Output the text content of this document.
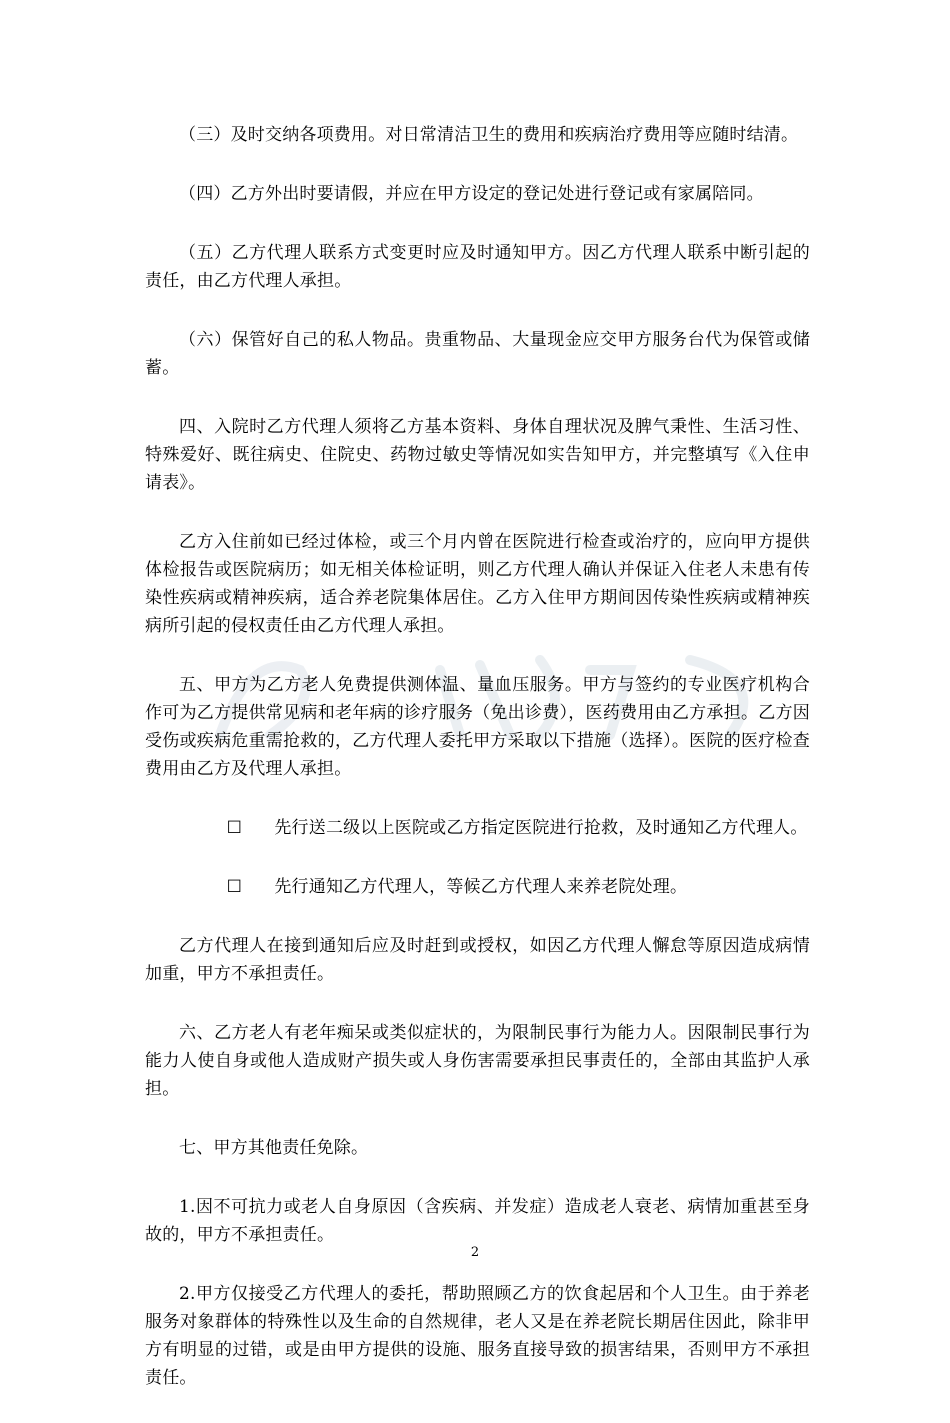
（三）及时交纳各项费用。对日常清洁卫生的费用和疾病治疗费用等应随时结清。

（四）乙方外出时要请假，并应在甲方设定的登记处进行登记或有家属陪同。

（五）乙方代理人联系方式变更时应及时通知甲方。因乙方代理人联系中断引起的责任，由乙方代理人承担。

（六）保管好自己的私人物品。贵重物品、大量现金应交甲方服务台代为保管或储蓄。

四、入院时乙方代理人须将乙方基本资料、身体自理状况及脾气秉性、生活习性、特殊爱好、既往病史、住院史、药物过敏史等情况如实告知甲方，并完整填写《入住申请表》。

乙方入住前如已经过体检，或三个月内曾在医院进行检查或治疗的，应向甲方提供体检报告或医院病历；如无相关体检证明，则乙方代理人确认并保证入住老人未患有传染性疾病或精神疾病，适合养老院集体居住。乙方入住甲方期间因传染性疾病或精神疾病所引起的侵权责任由乙方代理人承担。

五、甲方为乙方老人免费提供测体温、量血压服务。甲方与签约的专业医疗机构合作可为乙方提供常见病和老年病的诊疗服务（免出诊费），医药费用由乙方承担。乙方因受伤或疾病危重需抢救的，乙方代理人委托甲方采取以下措施（选择）。医院的医疗检查费用由乙方及代理人承担。

☐ 先行送二级以上医院或乙方指定医院进行抢救，及时通知乙方代理人。

☐ 先行通知乙方代理人，等候乙方代理人来养老院处理。

乙方代理人在接到通知后应及时赶到或授权，如因乙方代理人懈怠等原因造成病情加重，甲方不承担责任。

六、乙方老人有老年痴呆或类似症状的，为限制民事行为能力人。因限制民事行为能力人使自身或他人造成财产损失或人身伤害需要承担民事责任的，全部由其监护人承担。

七、甲方其他责任免除。

1.因不可抗力或老人自身原因（含疾病、并发症）造成老人衰老、病情加重甚至身故的，甲方不承担责任。

2.甲方仅接受乙方代理人的委托，帮助照顾乙方的饮食起居和个人卫生。由于养老服务对象群体的特殊性以及生命的自然规律，老人又是在养老院长期居住因此，除非甲方有明显的过错，或是由甲方提供的设施、服务直接导致的损害结果，否则甲方不承担责任。

2
